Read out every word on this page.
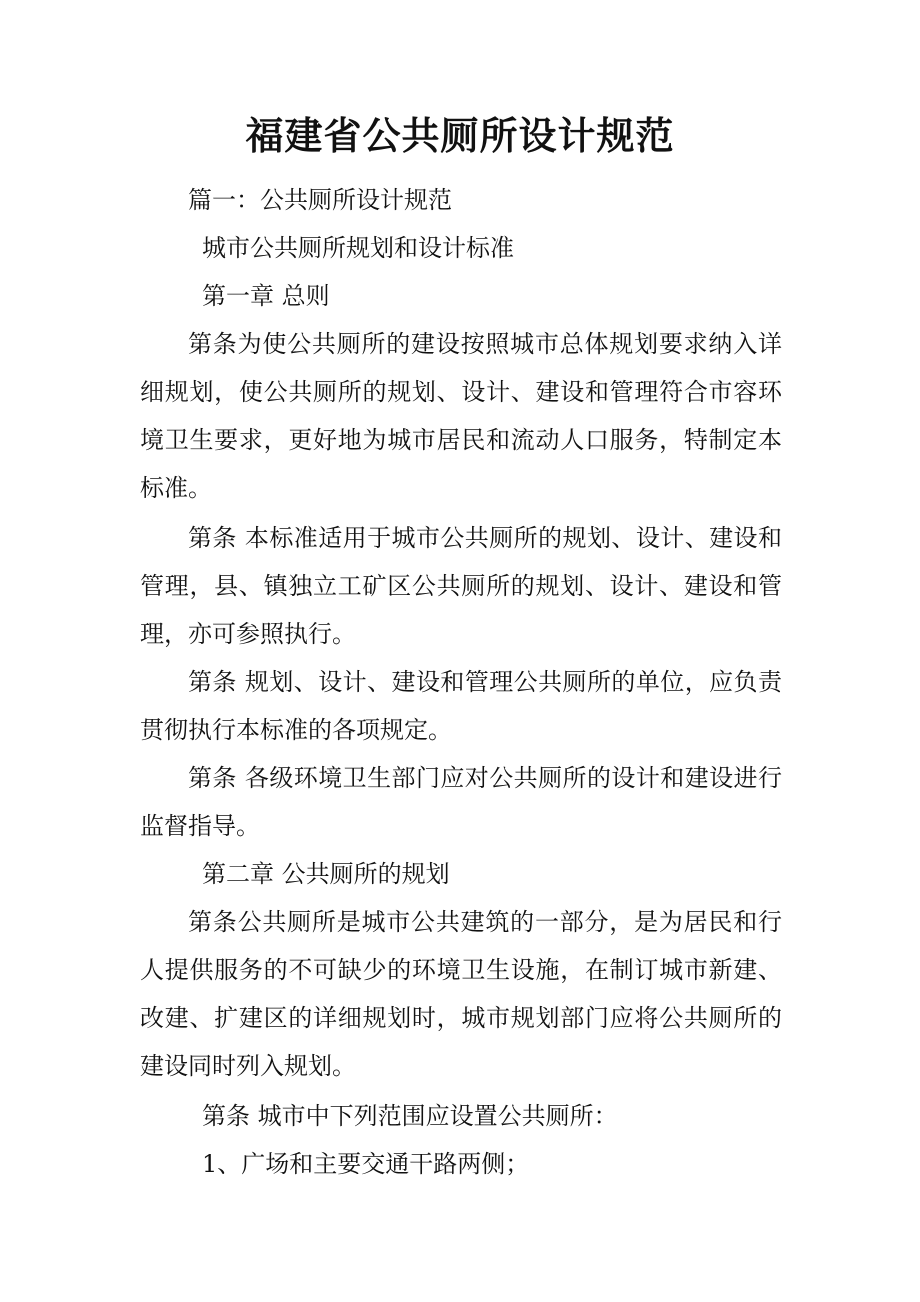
福建省公共厕所设计规范

篇一：公共厕所设计规范

城市公共厕所规划和设计标准

第一章 总则

第条为使公共厕所的建设按照城市总体规划要求纳入详细规划，使公共厕所的规划、设计、建设和管理符合市容环境卫生要求，更好地为城市居民和流动人口服务，特制定本标准。

第条 本标准适用于城市公共厕所的规划、设计、建设和管理，县、镇独立工矿区公共厕所的规划、设计、建设和管理，亦可参照执行。

第条 规划、设计、建设和管理公共厕所的单位，应负责贯彻执行本标准的各项规定。

第条 各级环境卫生部门应对公共厕所的设计和建设进行监督指导。

第二章 公共厕所的规划

第条公共厕所是城市公共建筑的一部分，是为居民和行人提供服务的不可缺少的环境卫生设施，在制订城市新建、改建、扩建区的详细规划时，城市规划部门应将公共厕所的建设同时列入规划。

第条 城市中下列范围应设置公共厕所：

1、广场和主要交通干路两侧；
